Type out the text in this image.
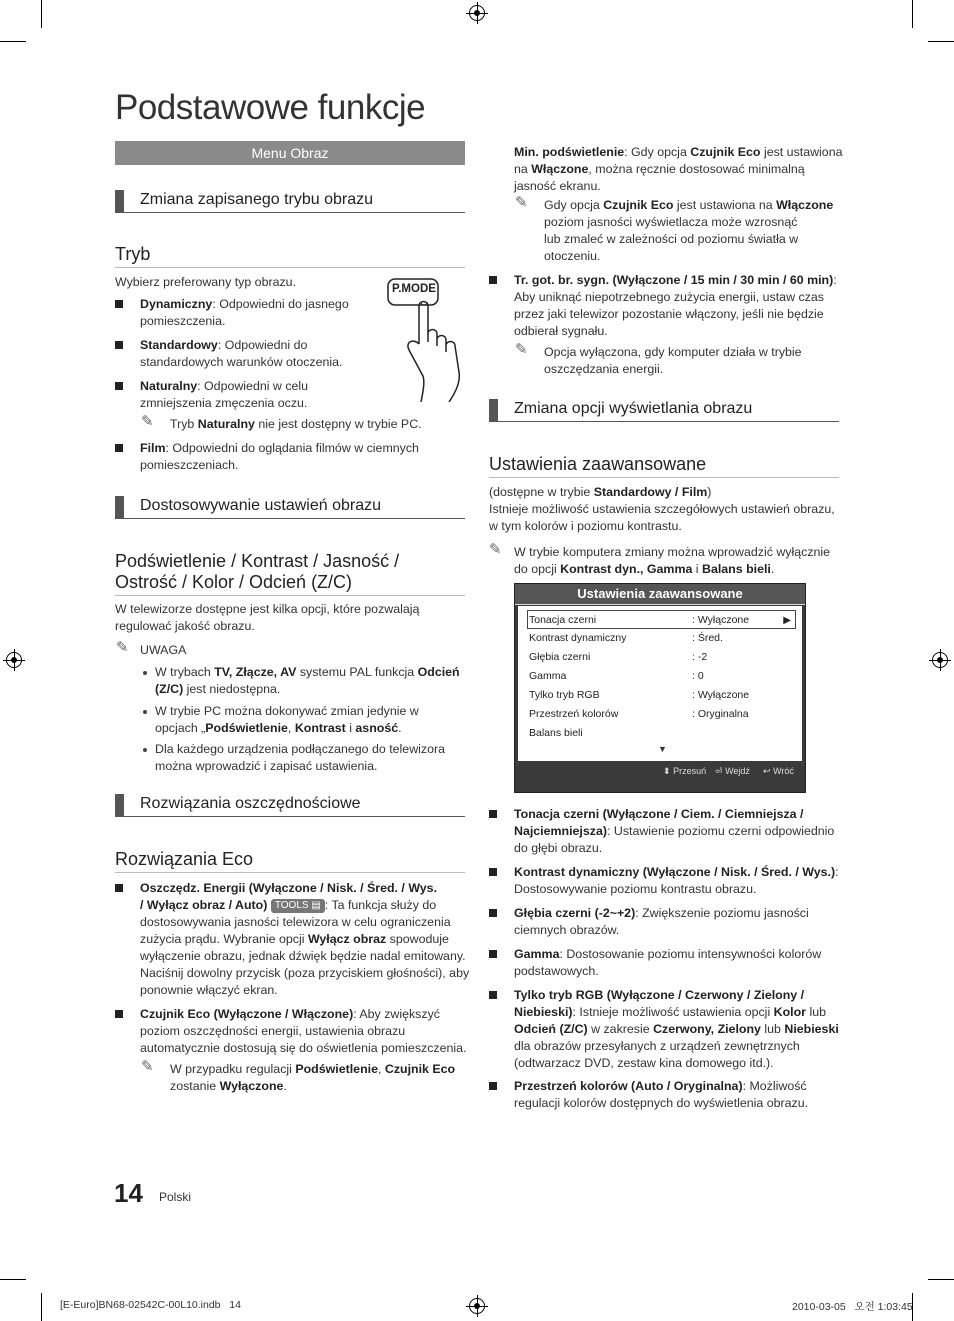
Podstawowe funkcje
Menu Obraz
Zmiana zapisanego trybu obrazu
Tryb
Wybierz preferowany typ obrazu.	P.MODE
Dynamiczny: Odpowiedni do jasnego
pomieszczenia.
Standardowy: Odpowiedni do
standardowych warunków otoczenia.
Naturalny: Odpowiedni w celu
zmniejszenia zmęczenia oczu.
✎ Tryb Naturalny nie jest dostępny w trybie PC.
Film: Odpowiedni do oglądania filmów w ciemnych
pomieszczeniach.
Dostosowywanie ustawień obrazu
Podświetlenie / Kontrast / Jasność /
Ostrość / Kolor / Odcień (Z/C)
W telewizorze dostępne jest kilka opcji, które pozwalają
regulować jakość obrazu.
✎ UWAGA
W trybach TV, Złącze, AV systemu PAL funkcja Odcień
(Z/C) jest niedostępna.
W trybie PC można dokonywać zmian jedynie w
opcjach „Podświetlenie, Kontrast i asność.
Dla każdego urządzenia podłączanego do telewizora
można wprowadzić i zapisać ustawienia.
Rozwiązania oszczędnościowe
Rozwiązania Eco
Oszczędz. Energii (Wyłączone / Nisk. / Śred. / Wys.
/ Wyłącz obraz / Auto) TOOLS ▤ : Ta funkcja służy do
dostosowywania jasności telewizora w celu ograniczenia
zużycia prądu. Wybranie opcji Wyłącz obraz spowoduje
wyłączenie obrazu, jednak dźwięk będzie nadal emitowany.
Naciśnij dowolny przycisk (poza przyciskiem głośności), aby
ponownie włączyć ekran.
Czujnik Eco (Wyłączone / Włączone): Aby zwiększyć
poziom oszczędności energii, ustawienia obrazu
automatycznie dostosują się do oświetlenia pomieszczenia.
✎ W przypadku regulacji Podświetlenie, Czujnik Eco
zostanie Wyłączone.
Min. podświetlenie: Gdy opcja Czujnik Eco jest ustawiona
na Włączone, można ręcznie dostosować minimalną
jasność ekranu.
✎ Gdy opcja Czujnik Eco jest ustawiona na Włączone
poziom jasności wyświetlacza może wzrosnąć
lub zmaleć w zależności od poziomu światła w
otoczeniu.
Tr. got. br. sygn. (Wyłączone / 15 min / 30 min / 60 min):
Aby uniknąć niepotrzebnego zużycia energii, ustaw czas
przez jaki telewizor pozostanie włączony, jeśli nie będzie
odbierał sygnału.
✎ Opcja wyłączona, gdy komputer działa w trybie
oszczędzania energii.
Zmiana opcji wyświetlania obrazu
Ustawienia zaawansowane
(dostępne w trybie Standardowy / Film)
Istnieje możliwość ustawienia szczegółowych ustawień obrazu,
w tym kolorów i poziomu kontrastu.
✎ W trybie komputera zmiany można wprowadzić wyłącznie
do opcji Kontrast dyn., Gamma i Balans bieli.
Ustawienia zaawansowane
Tonacja czerni	: Wyłączone	▶
Kontrast dynamiczny	: Śred.
Głębia czerni	: -2
Gamma	: 0
Tylko tryb RGB	: Wyłączone
Przestrzeń kolorów	: Oryginalna
Balans bieli
▼
⬍ Przesuń ⏎ Wejdź ↩ Wróć
Tonacja czerni (Wyłączone / Ciem. / Ciemniejsza /
Najciemniejsza): Ustawienie poziomu czerni odpowiednio
do głębi obrazu.
Kontrast dynamiczny (Wyłączone / Nisk. / Śred. / Wys.):
Dostosowywanie poziomu kontrastu obrazu.
Głębia czerni (-2~+2): Zwiększenie poziomu jasności
ciemnych obrazów.
Gamma: Dostosowanie poziomu intensywności kolorów
podstawowych.
Tylko tryb RGB (Wyłączone / Czerwony / Zielony /
Niebieski): Istnieje możliwość ustawienia opcji Kolor lub
Odcień (Z/C) w zakresie Czerwony, Zielony lub Niebieski
dla obrazów przesyłanych z urządzeń zewnętrznych
(odtwarzacz DVD, zestaw kina domowego itd.).
Przestrzeń kolorów (Auto / Oryginalna): Możliwość
regulacji kolorów dostępnych do wyświetlenia obrazu.
14 Polski
[E-Euro]BN68-02542C-00L10.indb   14	2010-03-05   오전 1:03:45
